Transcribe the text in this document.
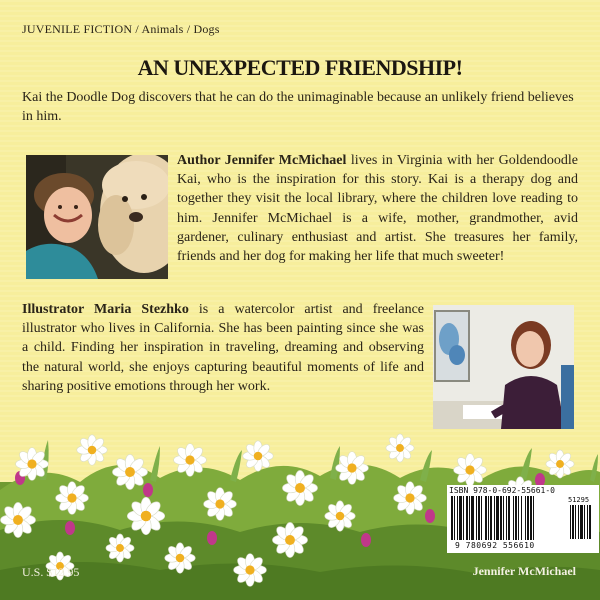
JUVENILE FICTION / Animals / Dogs
AN UNEXPECTED FRIENDSHIP!
Kai the Doodle Dog discovers that he can do the unimaginable because an unlikely friend believes in him.
Author Jennifer McMichael lives in Virginia with her Goldendoodle Kai, who is the inspiration for this story. Kai is a therapy dog and together they visit the local library, where the children love reading to him. Jennifer McMichael is a wife, mother, grandmother, avid gardener, culinary enthusiast and artist. She treasures her family, friends and her dog for making her life that much sweeter!
Illustrator Maria Stezhko is a watercolor artist and freelance illustrator who lives in California. She has been painting since she was a child. Finding her inspiration in traveling, dreaming and observing the natural world, she enjoys capturing beautiful moments of life and sharing positive emotions through her work.
ISBN 978-0-692-55661-0
51295
9 780692 556610
U.S. $12.95	Jennifer McMichael
